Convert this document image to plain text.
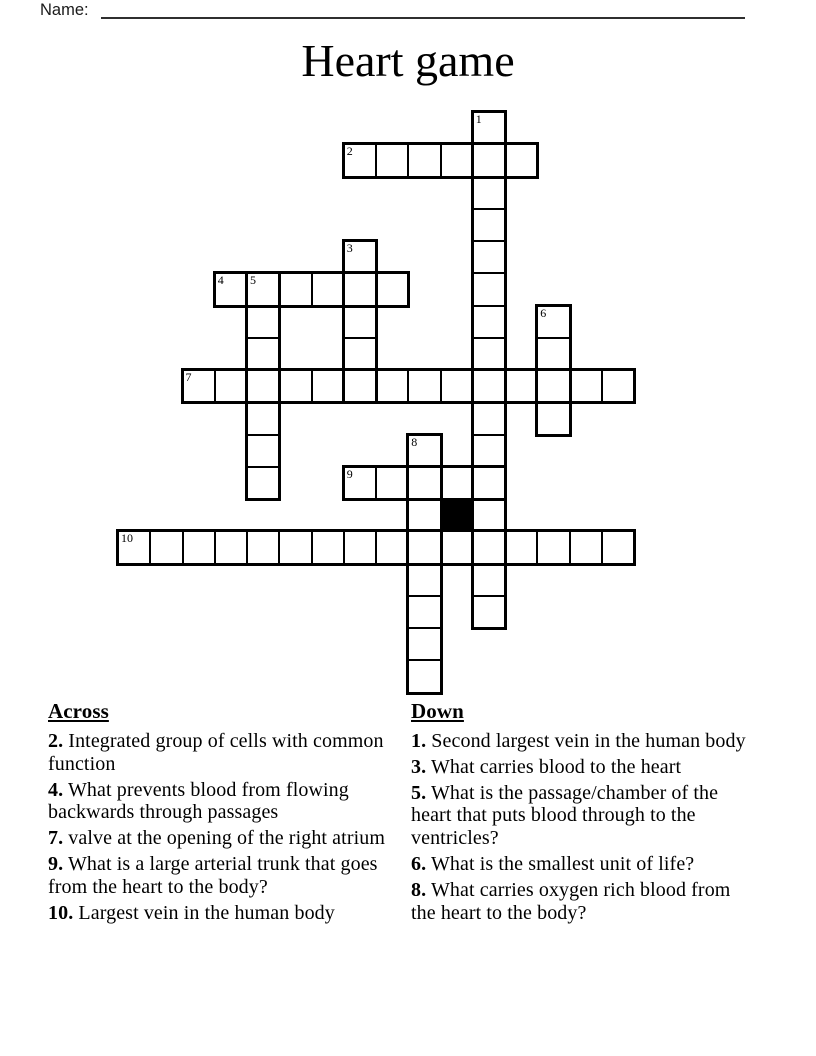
Name:
Heart game
1
2
3
4 5
6
7
8
9
10

Across

2. Integrated group of cells with common function

4. What prevents blood from flowing backwards through passages

7. valve at the opening of the right atrium

9. What is a large arterial trunk that goes from the heart to the body?

10. Largest vein in the human body

Down

1. Second largest vein in the human body

3. What carries blood to the heart

5. What is the passage/chamber of the heart that puts blood through to the ventricles?

6. What is the smallest unit of life?

8. What carries oxygen rich blood from the heart to the body?
